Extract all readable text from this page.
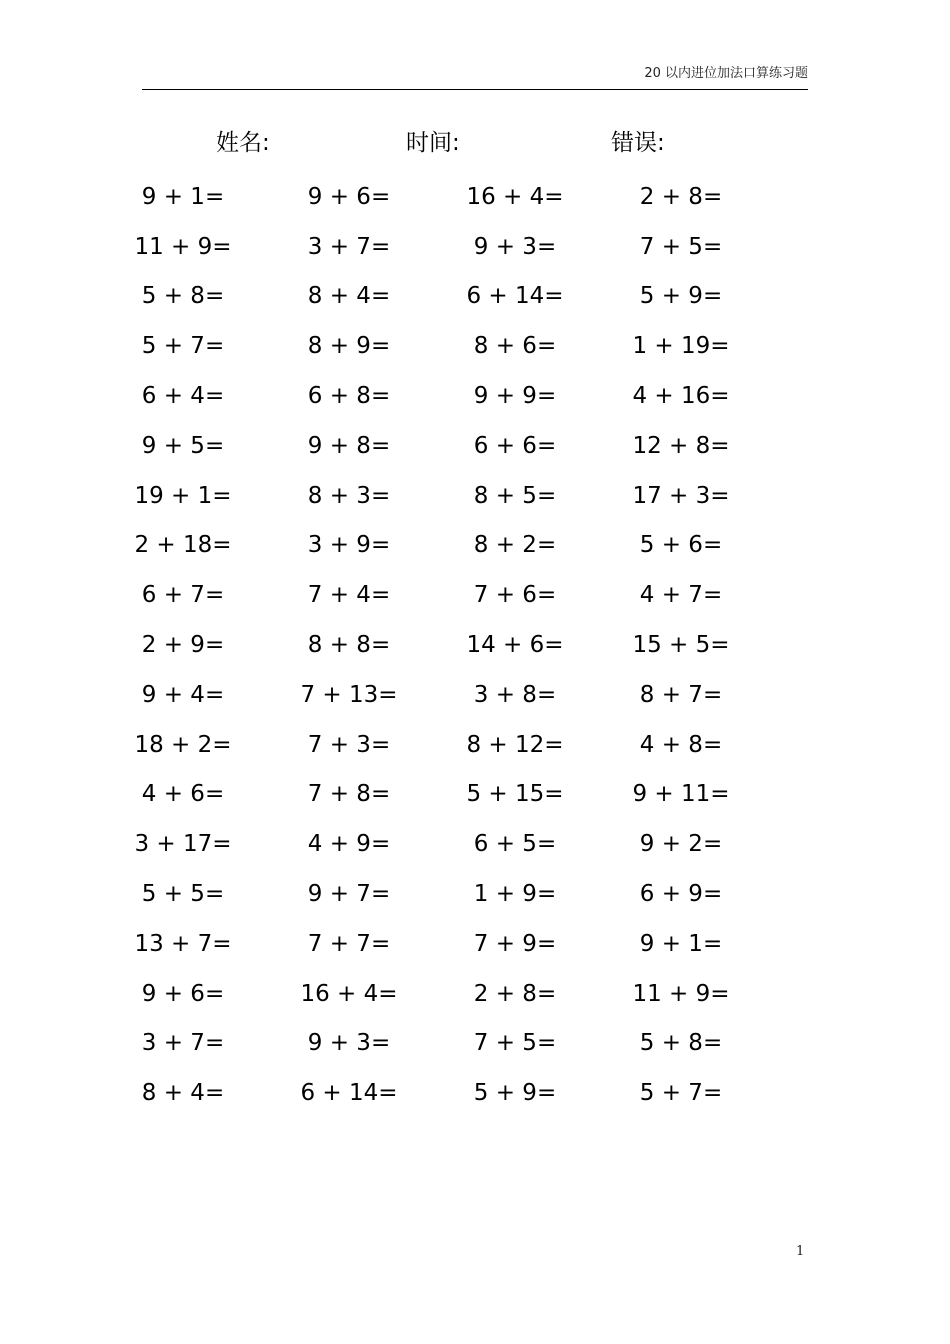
20 以内进位加法口算练习题
姓名:	时间:	错误:
9 + 1=	9 + 6=	16 + 4=	2 + 8=
11 + 9=	3 + 7=	9 + 3=	7 + 5=
5 + 8=	8 + 4=	6 + 14=	5 + 9=
5 + 7=	8 + 9=	8 + 6=	1 + 19=
6 + 4=	6 + 8=	9 + 9=	4 + 16=
9 + 5=	9 + 8=	6 + 6=	12 + 8=
19 + 1=	8 + 3=	8 + 5=	17 + 3=
2 + 18=	3 + 9=	8 + 2=	5 + 6=
6 + 7=	7 + 4=	7 + 6=	4 + 7=
2 + 9=	8 + 8=	14 + 6=	15 + 5=
9 + 4=	7 + 13=	3 + 8=	8 + 7=
18 + 2=	7 + 3=	8 + 12=	4 + 8=
4 + 6=	7 + 8=	5 + 15=	9 + 11=
3 + 17=	4 + 9=	6 + 5=	9 + 2=
5 + 5=	9 + 7=	1 + 9=	6 + 9=
13 + 7=	7 + 7=	7 + 9=	9 + 1=
9 + 6=	16 + 4=	2 + 8=	11 + 9=
3 + 7=	9 + 3=	7 + 5=	5 + 8=
8 + 4=	6 + 14=	5 + 9=	5 + 7=
1
